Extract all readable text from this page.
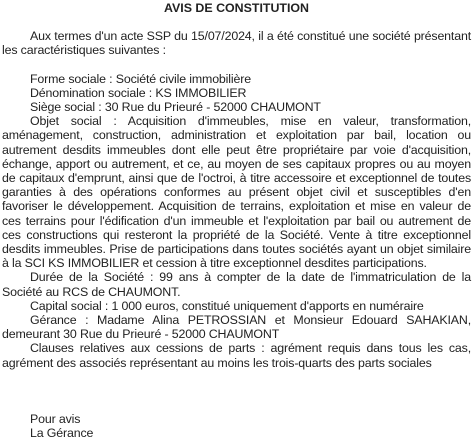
AVIS DE CONSTITUTION

Aux termes d'un acte SSP du 15/07/2024, il a été constitué une société présentant les caractéristiques suivantes :

Forme sociale : Société civile immobilière

Dénomination sociale : KS IMMOBILIER

Siège social : 30 Rue du Prieuré - 52000 CHAUMONT

Objet social : Acquisition d'immeubles, mise en valeur, transformation, aménagement, construction, administration et exploitation par bail, location ou autrement desdits immeubles dont elle peut être propriétaire par voie d'acquisition, échange, apport ou autrement, et ce, au moyen de ses capitaux propres ou au moyen de capitaux d'emprunt, ainsi que de l'octroi, à titre accessoire et exceptionnel de toutes garanties à des opérations conformes au présent objet civil et susceptibles d'en favoriser le développement. Acquisition de terrains, exploitation et mise en valeur de ces terrains pour l'édification d'un immeuble et l'exploitation par bail ou autrement de ces constructions qui resteront la propriété de la Société. Vente à titre exceptionnel desdits immeubles. Prise de participations dans toutes sociétés ayant un objet similaire à la SCI KS IMMOBILIER et cession à titre exceptionnel desdites participations.

Durée de la Société : 99 ans à compter de la date de l'immatriculation de la Société au RCS de CHAUMONT.

Capital social : 1 000 euros, constitué uniquement d'apports en numéraire

Gérance : Madame Alina PETROSSIAN et Monsieur Edouard SAHAKIAN, demeurant 30 Rue du Prieuré - 52000 CHAUMONT

Clauses relatives aux cessions de parts : agrément requis dans tous les cas, agrément des associés représentant au moins les trois-quarts des parts sociales

Pour avis

La Gérance
